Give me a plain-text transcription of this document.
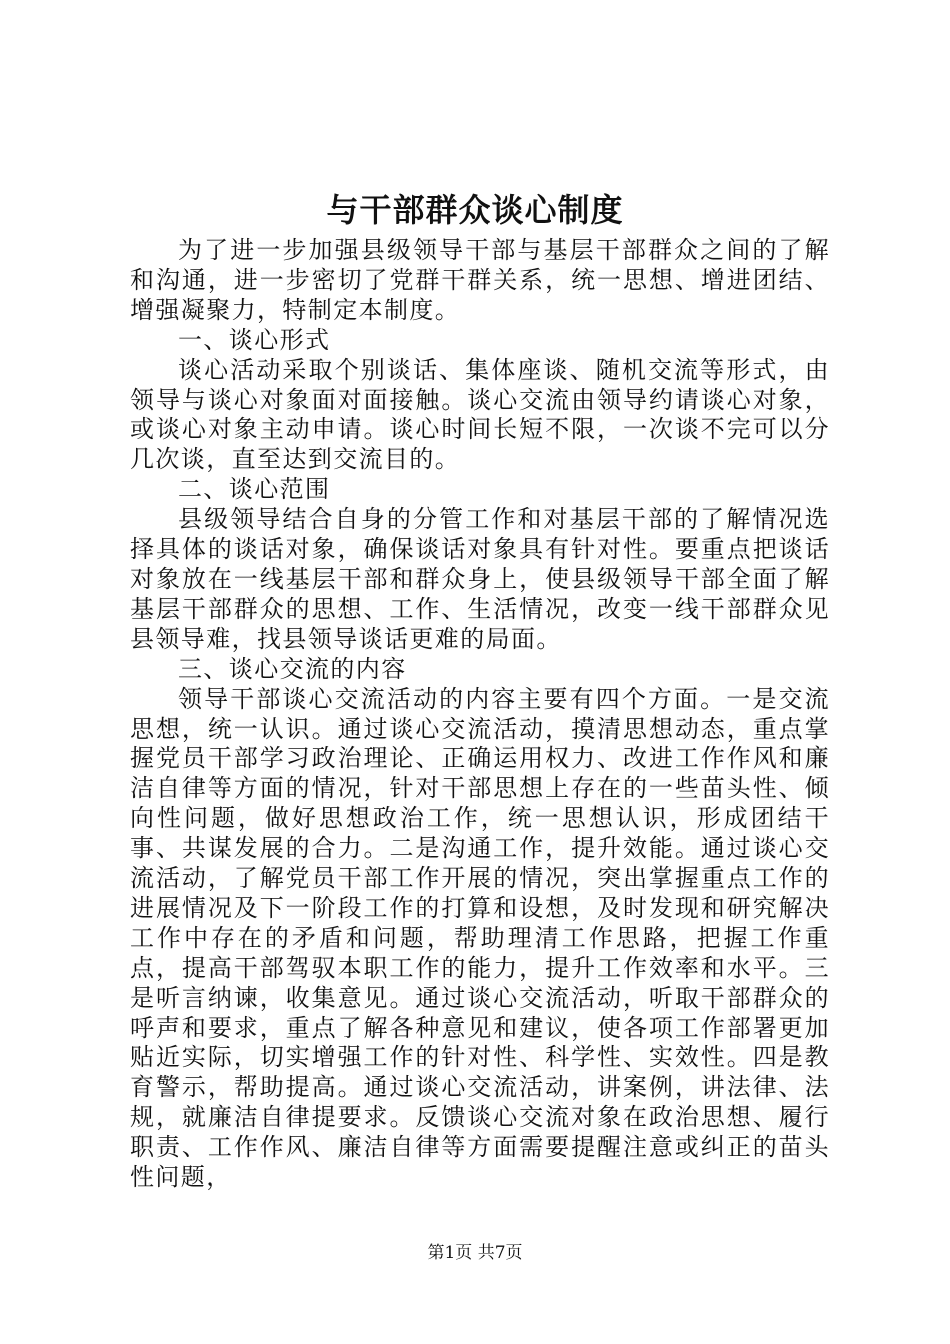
与干部群众谈心制度

为了进一步加强县级领导干部与基层干部群众之间的了解和沟通，进一步密切了党群干群关系，统一思想、增进团结、增强凝聚力，特制定本制度。

一、谈心形式

谈心活动采取个别谈话、集体座谈、随机交流等形式，由领导与谈心对象面对面接触。谈心交流由领导约请谈心对象，或谈心对象主动申请。谈心时间长短不限，一次谈不完可以分几次谈，直至达到交流目的。

二、谈心范围

县级领导结合自身的分管工作和对基层干部的了解情况选择具体的谈话对象，确保谈话对象具有针对性。要重点把谈话对象放在一线基层干部和群众身上，使县级领导干部全面了解基层干部群众的思想、工作、生活情况，改变一线干部群众见县领导难，找县领导谈话更难的局面。

三、谈心交流的内容

领导干部谈心交流活动的内容主要有四个方面。一是交流思想，统一认识。通过谈心交流活动，摸清思想动态，重点掌握党员干部学习政治理论、正确运用权力、改进工作作风和廉洁自律等方面的情况，针对干部思想上存在的一些苗头性、倾向性问题，做好思想政治工作，统一思想认识，形成团结干事、共谋发展的合力。二是沟通工作，提升效能。通过谈心交流活动，了解党员干部工作开展的情况，突出掌握重点工作的进展情况及下一阶段工作的打算和设想，及时发现和研究解决工作中存在的矛盾和问题，帮助理清工作思路，把握工作重点，提高干部驾驭本职工作的能力，提升工作效率和水平。三是听言纳谏，收集意见。通过谈心交流活动，听取干部群众的呼声和要求，重点了解各种意见和建议，使各项工作部署更加贴近实际，切实增强工作的针对性、科学性、实效性。四是教育警示，帮助提高。通过谈心交流活动，讲案例，讲法律、法规，就廉洁自律提要求。反馈谈心交流对象在政治思想、履行职责、工作作风、廉洁自律等方面需要提醒注意或纠正的苗头性问题，

第1页 共7页
